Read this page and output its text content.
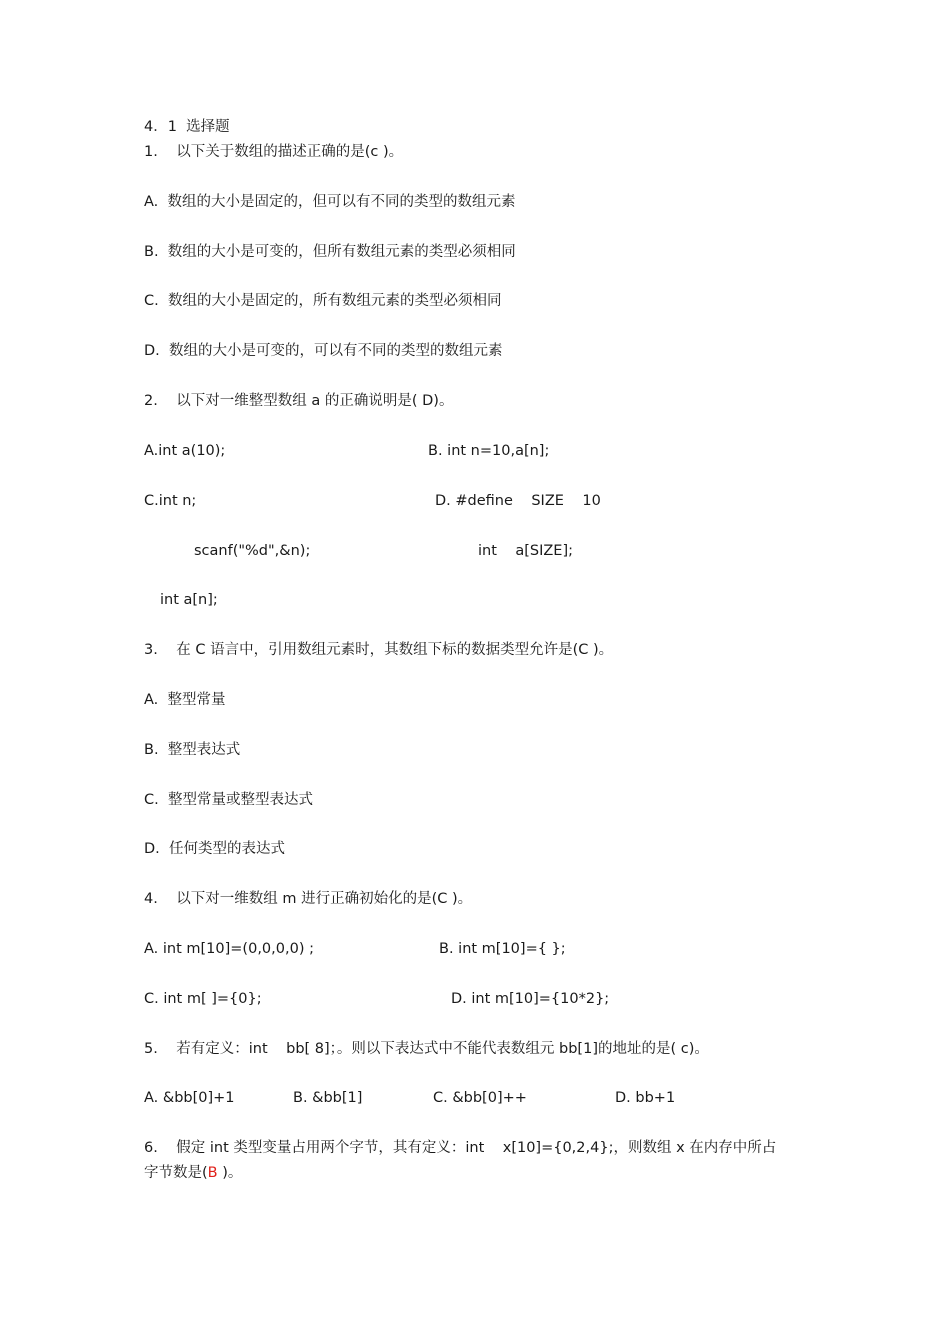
4．1  选择题
1.    以下关于数组的描述正确的是(c )。
A.  数组的大小是固定的，但可以有不同的类型的数组元素
B.  数组的大小是可变的，但所有数组元素的类型必须相同
C.  数组的大小是固定的，所有数组元素的类型必须相同
D.  数组的大小是可变的，可以有不同的类型的数组元素
2.    以下对一维整型数组 a 的正确说明是( D)。
A.int a(10);	B. int n=10,a[n];
C.int n;	D. #define    SIZE    10
scanf("%d",&n);	int    a[SIZE];
int a[n];
3.    在 C 语言中，引用数组元素时，其数组下标的数据类型允许是(C )。
A.  整型常量
B.  整型表达式
C.  整型常量或整型表达式
D.  任何类型的表达式
4.    以下对一维数组 m 进行正确初始化的是(C )。
A. int m[10]=(0,0,0,0) ;	B. int m[10]={ };
C. int m[ ]={0};	D. int m[10]={10*2};
5.    若有定义：int    bb[ 8]；。则以下表达式中不能代表数组元 bb[1]的地址的是( c)。
A. &bb[0]+1	B. &bb[1]	C. &bb[0]++	D. bb+1
6.    假定 int 类型变量占用两个字节，其有定义：int    x[10]={0,2,4};，则数组 x 在内存中所占
字节数是(B )。
